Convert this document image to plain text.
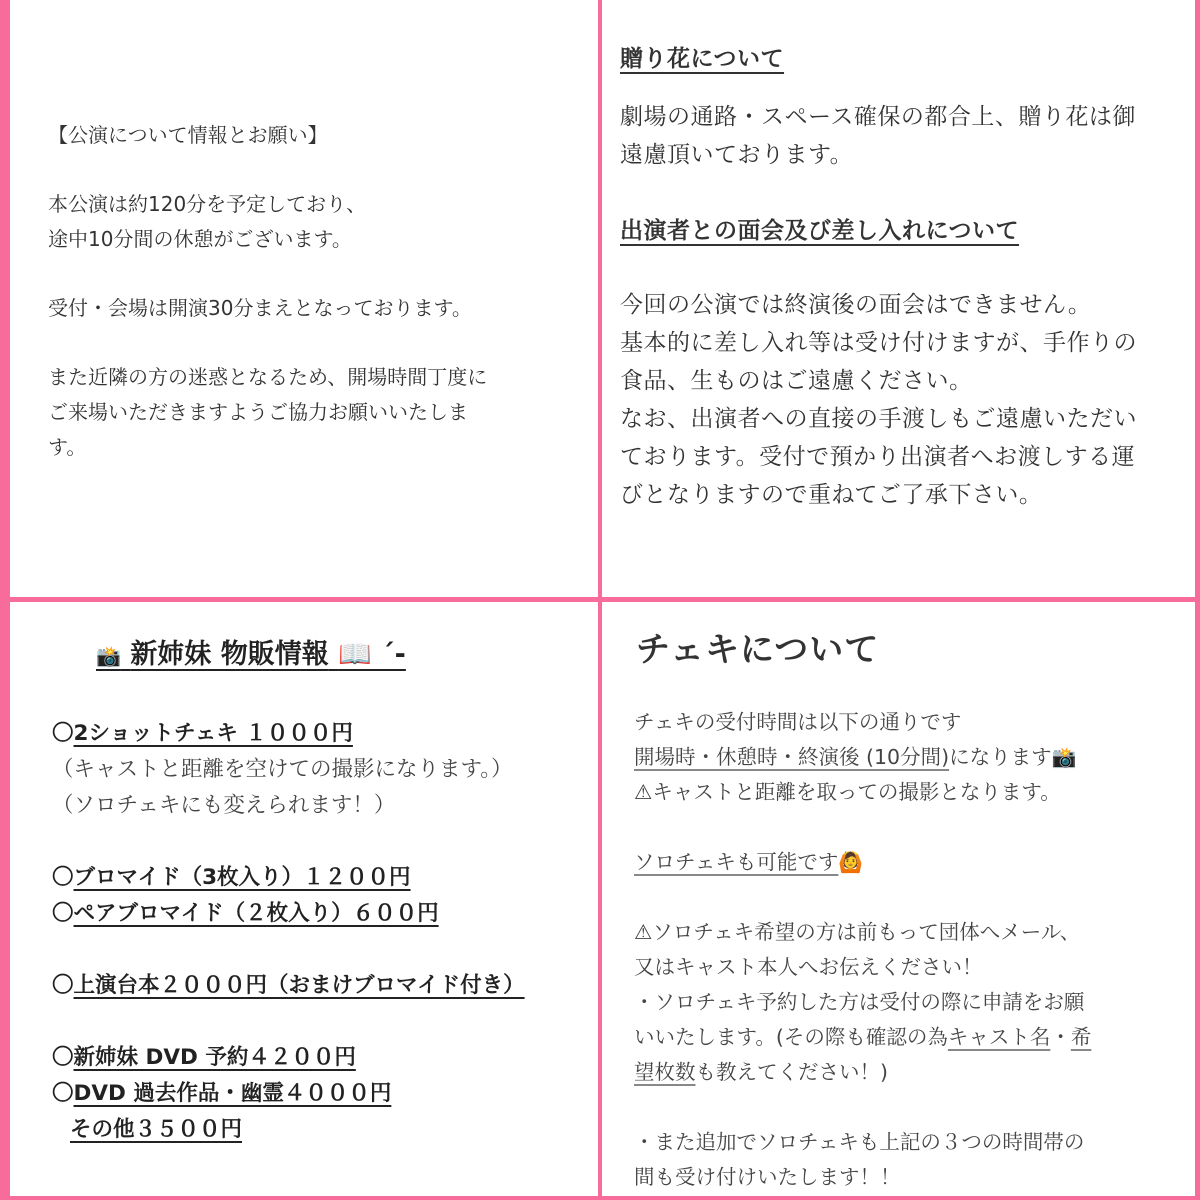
【公演について情報とお願い】

本公演は約120分を予定しており、

途中10分間の休憩がございます。

受付・会場は開演30分まえとなっております。

また近隣の方の迷惑となるため、開場時間丁度に

ご来場いただきますようご協力お願いいたしま

す。

贈り花について

劇場の通路・スペース確保の都合上、贈り花は御

遠慮頂いております。

出演者との面会及び差し入れについて

今回の公演では終演後の面会はできません。

基本的に差し入れ等は受け付けますが、手作りの

食品、生ものはご遠慮ください。

なお、出演者への直接の手渡しもご遠慮いただい

ております。受付で預かり出演者へお渡しする運

びとなりますので重ねてご了承下さい。

📸 新姉妹 物販情報 📖 ´-

〇2ショットチェキ １０００円

（キャストと距離を空けての撮影になります。）

（ソロチェキにも変えられます！）

〇ブロマイド（3枚入り）１２００円

〇ペアブロマイド（２枚入り）６００円

〇上演台本２０００円（おまけブロマイド付き）

〇新姉妹 DVD 予約４２００円

〇DVD 過去作品・幽霊４０００円

その他３５００円

チェキについて

チェキの受付時間は以下の通りです

開場時・休憩時・終演後 (10分間)になります📸

⚠キャストと距離を取っての撮影となります。

ソロチェキも可能です🙆

⚠ソロチェキ希望の方は前もって団体へメール、

又はキャスト本人へお伝えください！

・ソロチェキ予約した方は受付の際に申請をお願

いいたします。(その際も確認の為キャスト名・希

望枚数も教えてください！)

・また追加でソロチェキも上記の３つの時間帯の

間も受け付けいたします！！
